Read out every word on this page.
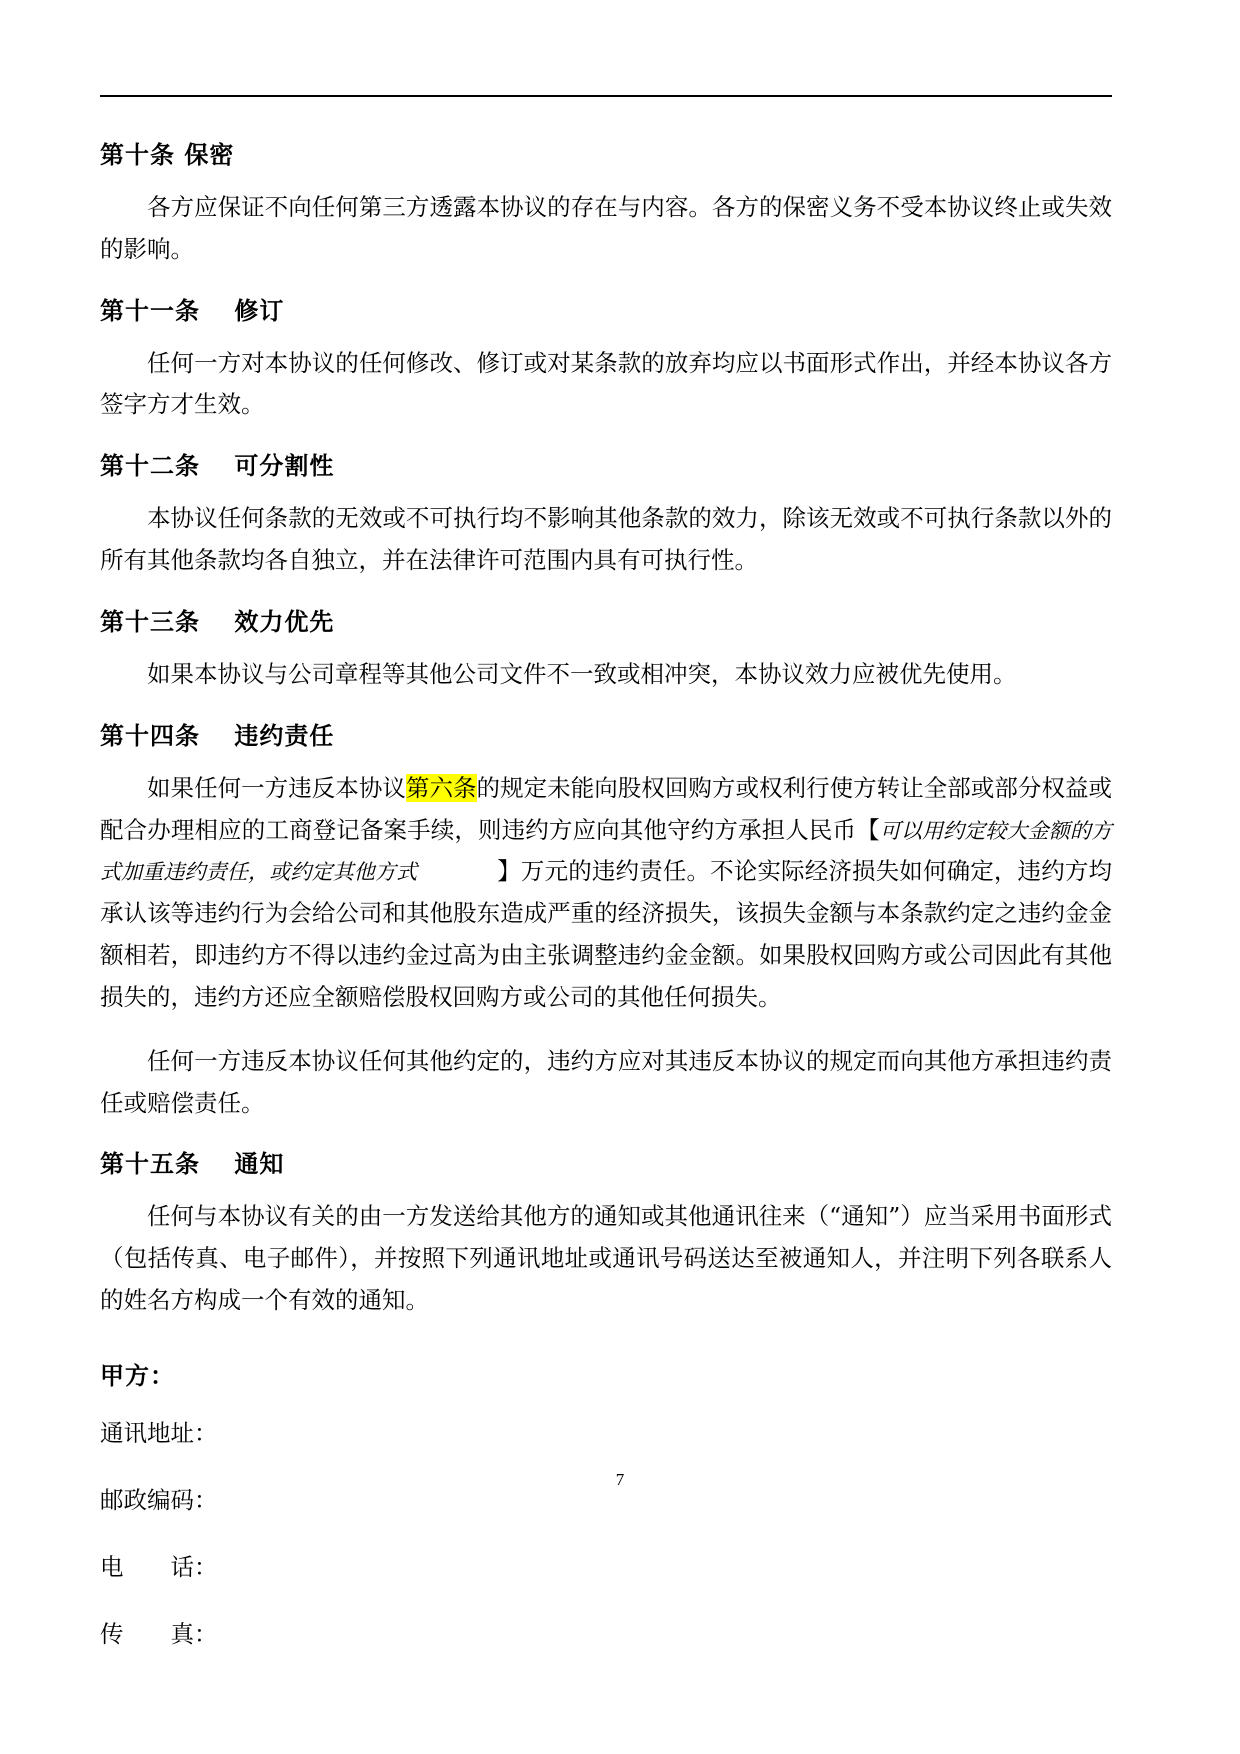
第十条 保密

各方应保证不向任何第三方透露本协议的存在与内容。各方的保密义务不受本协议终止或失效的影响。

第十一条　 修订

任何一方对本协议的任何修改、修订或对某条款的放弃均应以书面形式作出，并经本协议各方签字方才生效。

第十二条　 可分割性

本协议任何条款的无效或不可执行均不影响其他条款的效力，除该无效或不可执行条款以外的所有其他条款均各自独立，并在法律许可范围内具有可执行性。

第十三条　 效力优先

如果本协议与公司章程等其他公司文件不一致或相冲突，本协议效力应被优先使用。

第十四条　 违约责任

如果任何一方违反本协议第六条的规定未能向股权回购方或权利行使方转让全部或部分权益或配合办理相应的工商登记备案手续，则违约方应向其他守约方承担人民币【可以用约定较大金额的方式加重违约责任，或约定其他方式	】万元的违约责任。不论实际经济损失如何确定，违约方均承认该等违约行为会给公司和其他股东造成严重的经济损失，该损失金额与本条款约定之违约金金额相若，即违约方不得以违约金过高为由主张调整违约金金额。如果股权回购方或公司因此有其他损失的，违约方还应全额赔偿股权回购方或公司的其他任何损失。

任何一方违反本协议任何其他约定的，违约方应对其违反本协议的规定而向其他方承担违约责任或赔偿责任。

第十五条　 通知

任何与本协议有关的由一方发送给其他方的通知或其他通讯往来（“通知”）应当采用书面形式（包括传真、电子邮件），并按照下列通讯地址或通讯号码送达至被通知人，并注明下列各联系人的姓名方构成一个有效的通知。

甲方：
通讯地址：
邮政编码：
电　　话：
传　　真：
7
